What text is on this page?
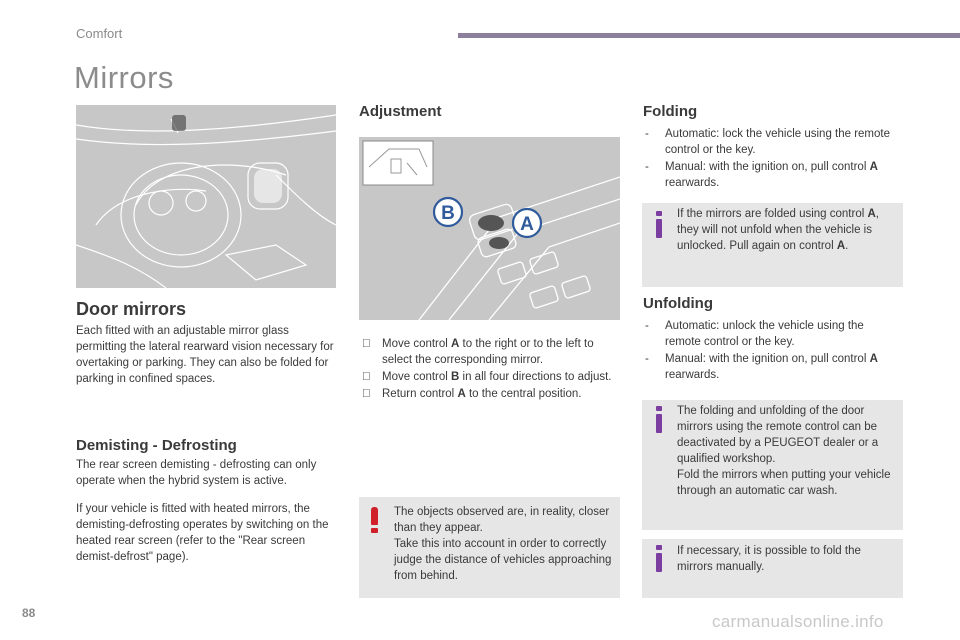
Comfort
Mirrors
Door mirrors
Each fitted with an adjustable mirror glass permitting the lateral rearward vision necessary for overtaking or parking. They can also be folded for parking in confined spaces.
Demisting - Defrosting
The rear screen demisting - defrosting can only operate when the hybrid system is active.
If your vehicle is fitted with heated mirrors, the demisting-defrosting operates by switching on the heated rear screen (refer to the "Rear screen demist-defrost" page).
Adjustment
B
A
Move control A to the right or to the left to select the corresponding mirror.
Move control B in all four directions to adjust.
Return control A to the central position.
The objects observed are, in reality, closer than they appear.
Take this into account in order to correctly judge the distance of vehicles approaching from behind.
Folding
- Automatic: lock the vehicle using the remote control or the key.
- Manual: with the ignition on, pull control A rearwards.
If the mirrors are folded using control A, they will not unfold when the vehicle is unlocked. Pull again on control A.
Unfolding
- Automatic: unlock the vehicle using the remote control or the key.
- Manual: with the ignition on, pull control A rearwards.
The folding and unfolding of the door mirrors using the remote control can be deactivated by a PEUGEOT dealer or a qualified workshop.
Fold the mirrors when putting your vehicle through an automatic car wash.
If necessary, it is possible to fold the mirrors manually.
88	carmanualsonline.info
